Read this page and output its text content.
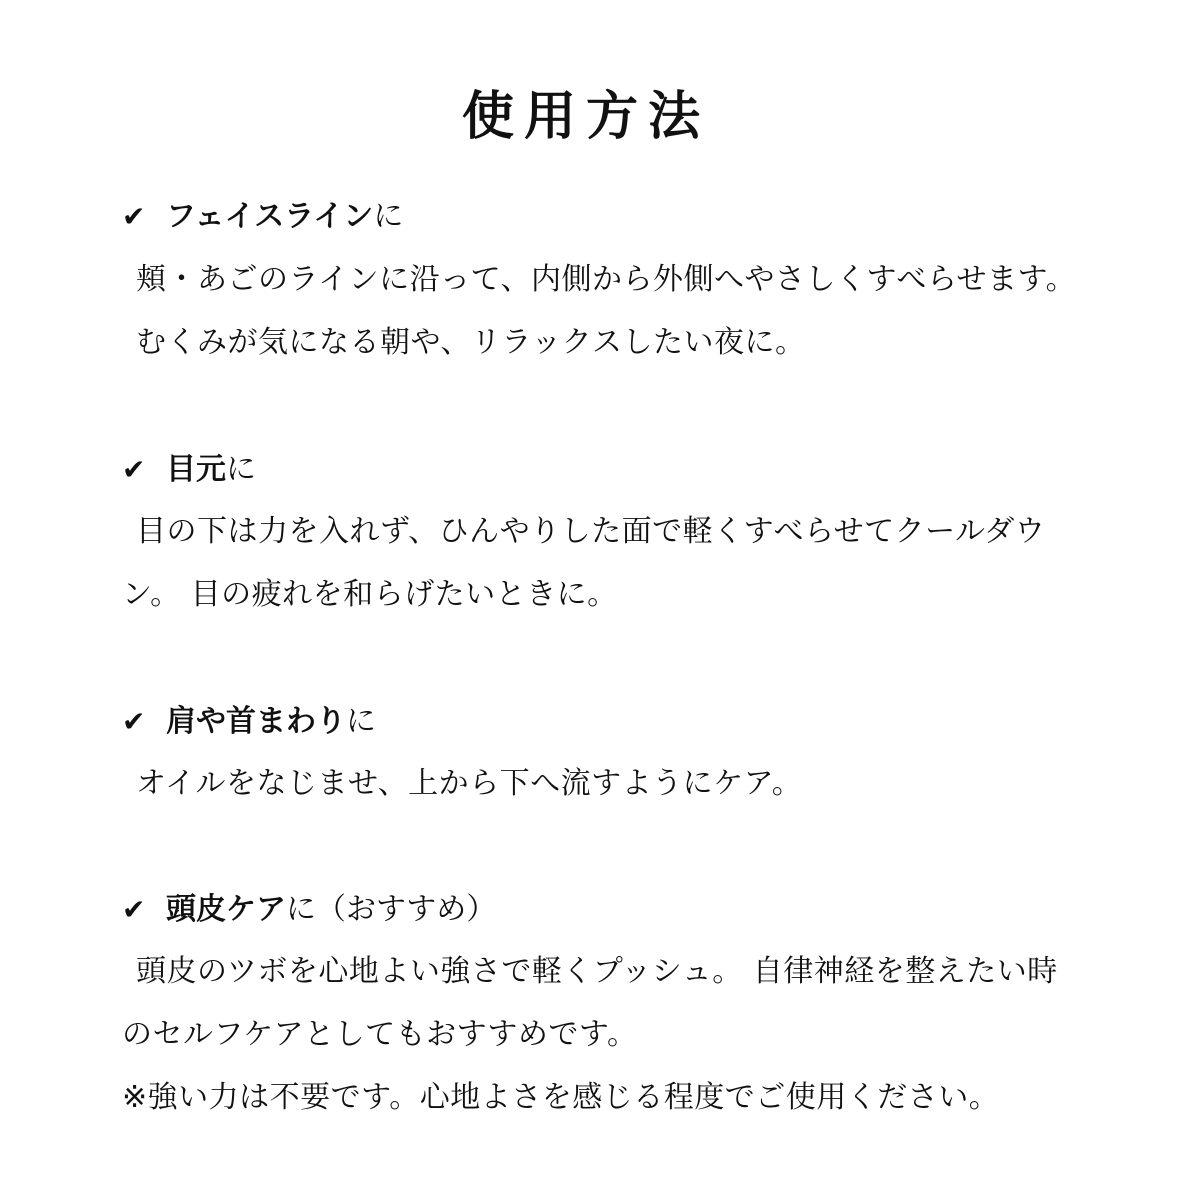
使用方法
✔ フェイスラインに
頬・あごのラインに沿って、内側から外側へやさしくすべらせます。
むくみが気になる朝や、リラックスしたい夜に。
✔ 目元に
目の下は力を入れず、ひんやりした面で軽くすべらせてクールダウ
ン。 目の疲れを和らげたいときに。
✔ 肩や首まわりに
オイルをなじませ、上から下へ流すようにケア。
✔ 頭皮ケアに（おすすめ）
頭皮のツボを心地よい強さで軽くプッシュ。 自律神経を整えたい時
のセルフケアとしてもおすすめです。
※強い力は不要です。心地よさを感じる程度でご使用ください。
